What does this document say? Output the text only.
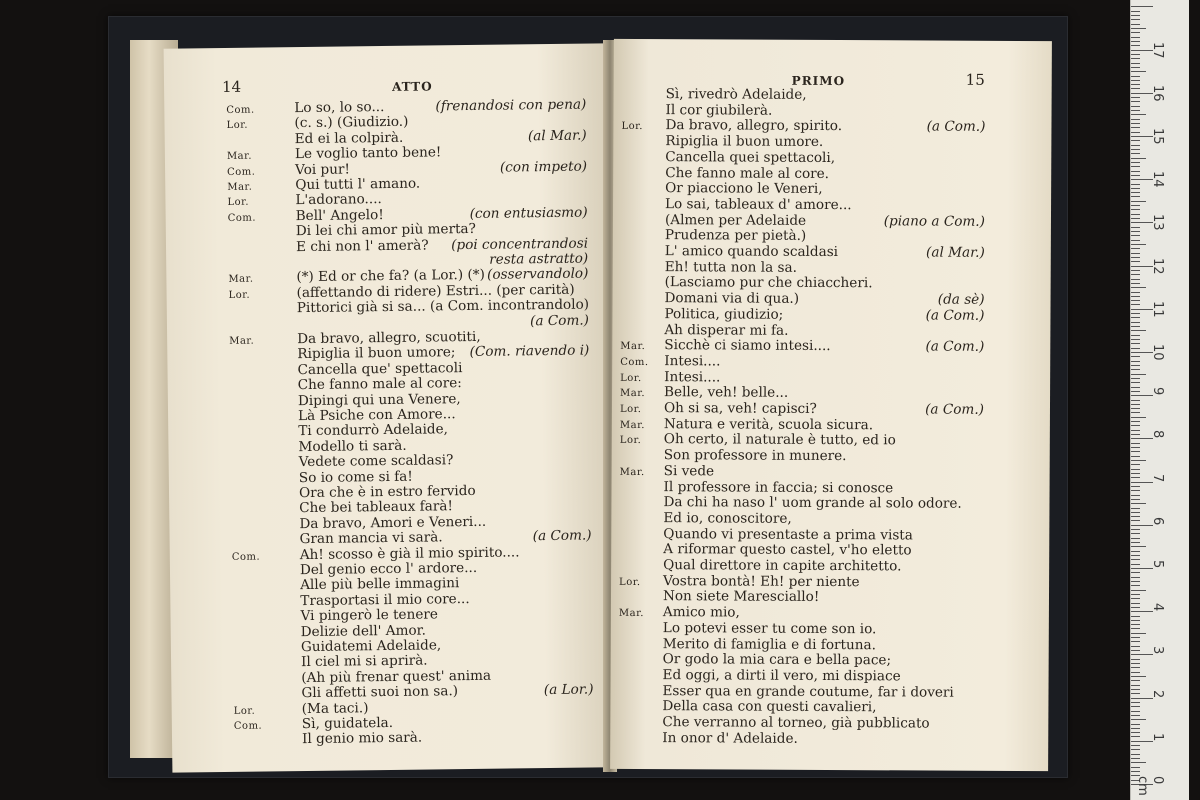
14	ATTO
Com.	Lo so, lo so...	(frenandosi con pena)
Lor.	(c. s.) (Giudizio.)
Ed ei la colpirà.	(al Mar.)
Mar.	Le voglio tanto bene!
Com.	Voi pur!	(con impeto)
Mar.	Qui tutti l' amano.
Lor.	L'adorano....
Com.	Bell' Angelo!	(con entusiasmo)
Di lei chi amor più merta?
E chi non l' amerà? (poi concentrandosi
resta astratto)
Mar.	(*) Ed or che fa? (a Lor.) (*) (osservandolo)
Lor.	(affettando di ridere) Estri... (per carità)
Pittorici già si sa... (a Com. incontrandolo)
(a Com.)
Mar.	Da bravo, allegro, scuotiti,
Ripiglia il buon umore; (Com. riavendo i)
Cancella que' spettacoli
Che fanno male al core:
Dipingi qui una Venere,
Là Psiche con Amore...
Ti condurrò Adelaide,
Modello ti sarà.
Vedete come scaldasi?
So io come si fa!
Ora che è in estro fervido
Che bei tableaux farà!
Da bravo, Amori e Veneri...
Gran mancia vi sarà.	(a Com.)
Com.	Ah! scosso è già il mio spirito....
Del genio ecco l' ardore...
Alle più belle immagini
Trasportasi il mio core...
Vi pingerò le tenere
Delizie dell' Amor.
Guidatemi Adelaide,
Il ciel mi si aprirà.
(Ah più frenar quest' anima
Gli affetti suoi non sa.)	(a Lor.)
Lor.	(Ma taci.)
Com.	Sì, guidatela.
Il genio mio sarà.
PRIMO	15
Sì, rivedrò Adelaide,
Il cor giubilerà.
Lor. Da bravo, allegro, spirito.	(a Com.)
Ripiglia il buon umore.
Cancella quei spettacoli,
Che fanno male al core.
Or piacciono le Veneri,
Lo sai, tableaux d' amore...
(Almen per Adelaide	(piano a Com.)
Prudenza per pietà.)
L' amico quando scaldasi	(al Mar.)
Eh! tutta non la sa.
(Lasciamo pur che chiaccheri.
Domani via di qua.)	(da sè)
Politica, giudizio;	(a Com.)
Ah disperar mi fa.
Mar. Sicchè ci siamo intesi....	(a Com.)
Com. Intesi....
Lor. Intesi....
Mar. Belle, veh! belle...
Lor. Oh si sa, veh! capisci?	(a Com.)
Mar. Natura e verità, scuola sicura.
Lor. Oh certo, il naturale è tutto, ed io
Son professore in munere.
Mar. Si vede
Il professore in faccia; si conosce
Da chi ha naso l' uom grande al solo odore.
Ed io, conoscitore,
Quando vi presentaste a prima vista
A riformar questo castel, v'ho eletto
Qual direttore in capite architetto.
Lor. Vostra bontà! Eh! per niente
Non siete Maresciallo!
Mar. Amico mio,
Lo potevi esser tu come son io.
Merito di famiglia e di fortuna.
Or godo la mia cara e bella pace;
Ed oggi, a dirti il vero, mi dispiace
Esser qua en grande coutume, far i doveri
Della casa con questi cavalieri,
Che verranno al torneo, già pubblicato
In onor d' Adelaide.
0 cm
1
2
3
4
5
6
7
8
9
10
11
12
13
14
15
16
17
